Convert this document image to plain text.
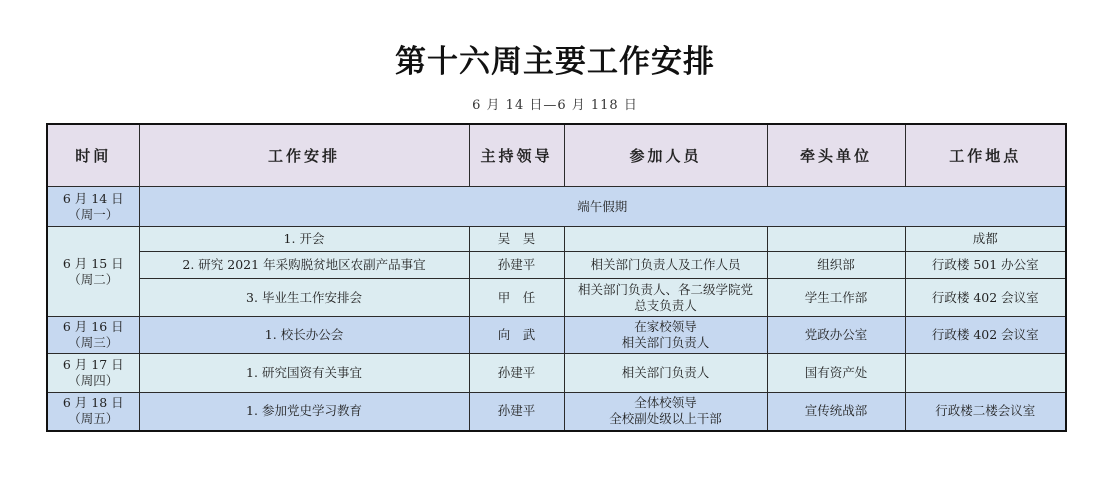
第十六周主要工作安排
6 月 14 日—6 月 118 日
时间	工作安排	主持领导	参加人员	牵头单位	工作地点

6 月 14 日
（周一）	端午假期				

6 月 15 日
（周二）	1. 开会	吴　昊			成都
	2. 研究 2021 年采购脱贫地区农副产品事宜	孙建平	相关部门负责人及工作人员	组织部	行政楼 501 办公室
	3. 毕业生工作安排会	甲　任	相关部门负责人、各二级学院党
总支负责人	学生工作部	行政楼 402 会议室

6 月 16 日
（周三）	1. 校长办公会	向　武	在家校领导
相关部门负责人	党政办公室	行政楼 402 会议室

6 月 17 日
（周四）	1. 研究国资有关事宜	孙建平	相关部门负责人	国有资产处	

6 月 18 日
（周五）	1. 参加党史学习教育	孙建平	全体校领导
全校副处级以上干部	宣传统战部	行政楼二楼会议室
